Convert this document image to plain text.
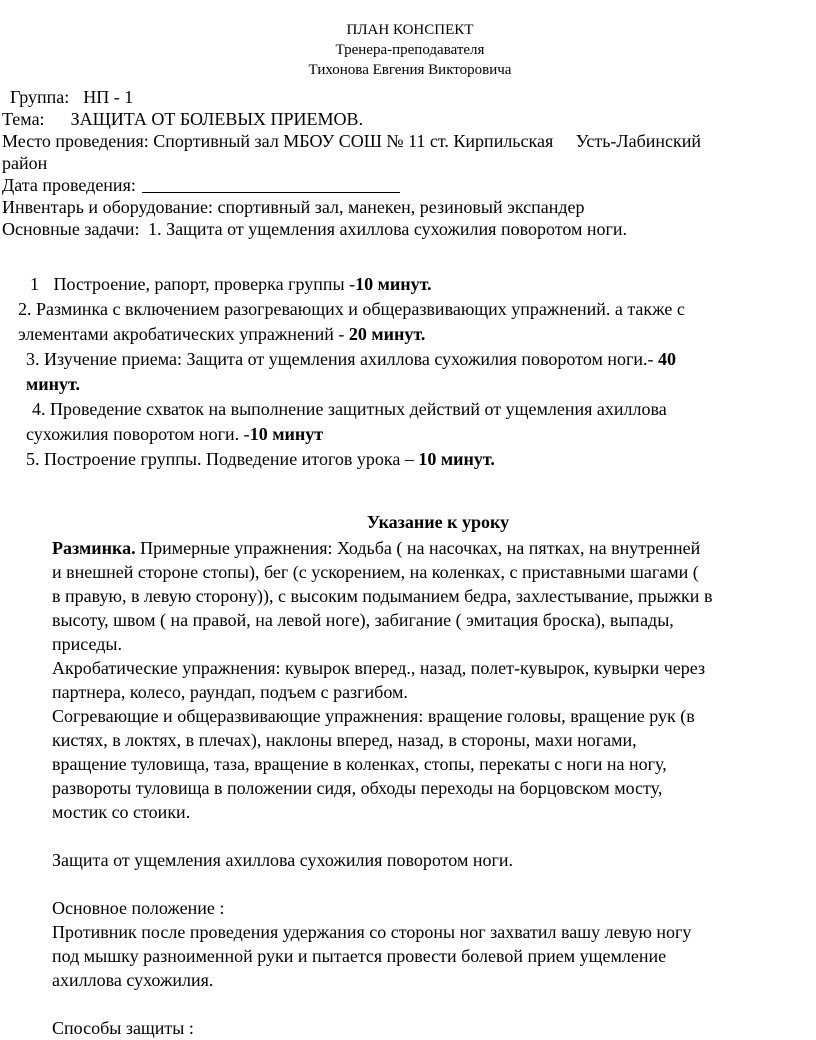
ПЛАН КОНСПЕКТ
Тренера-преподавателя
Тихонова Евгения Викторовича

Группа: НП - 1

Тема: ЗАЩИТА ОТ БОЛЕВЫХ ПРИЕМОВ.

Место проведения: Спортивный зал МБОУ СОШ № 11 ст. Кирпильская Усть-Лабинский

район

Дата проведения:

Инвентарь и оборудование: спортивный зал, манекен, резиновый экспандер

Основные задачи: 1. Защита от ущемления ахиллова сухожилия поворотом ноги.

1 Построение, рапорт, проверка группы -10 минут.

2. Разминка с включением разогревающих и общеразвивающих упражнений. а также с

элементами акробатических упражнений - 20 минут.

3. Изучение приема: Защита от ущемления ахиллова сухожилия поворотом ноги.- 40

минут.

4. Проведение схваток на выполнение защитных действий от ущемления ахиллова

сухожилия поворотом ноги. -10 минут

5. Построение группы. Подведение итогов урока – 10 минут.

Указание к уроку

Разминка. Примерные упражнения: Ходьба ( на насочках, на пятках, на внутренней

и внешней стороне стопы), бег (с ускорением, на коленках, с приставными шагами (

в правую, в левую сторону)), с высоким подыманием бедра, захлестывание, прыжки в

высоту, швом ( на правой, на левой ноге), забигание ( эмитация броска), выпады,

приседы.

Акробатические упражнения: кувырок вперед., назад, полет-кувырок, кувырки через

партнера, колесо, раундап, подъем с разгибом.

Согревающие и общеразвивающие упражнения: вращение головы, вращение рук (в

кистях, в локтях, в плечах), наклоны вперед, назад, в стороны, махи ногами,

вращение туловища, таза, вращение в коленках, стопы, перекаты с ноги на ногу,

развороты туловища в положении сидя, обходы переходы на борцовском мосту,

мостик со стоики.

Защита от ущемления ахиллова сухожилия поворотом ноги.

Основное положение :

Противник после проведения удержания со стороны ног захватил вашу левую ногу

под мышку разноименной руки и пытается провести болевой прием ущемление

ахиллова сухожилия.

Способы защиты :
